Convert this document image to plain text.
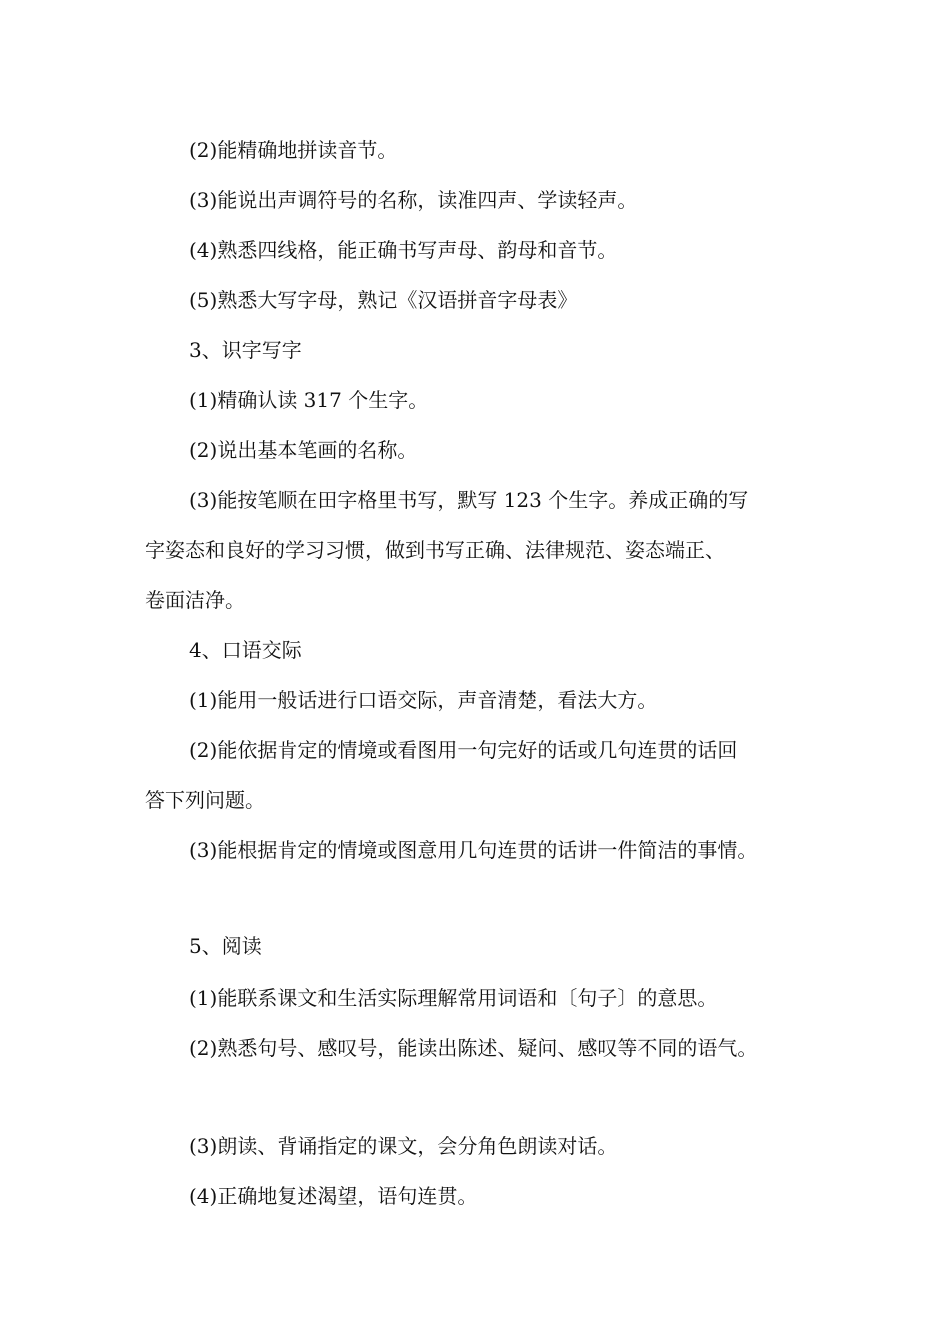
(2)能精确地拼读音节。
(3)能说出声调符号的名称，读准四声、学读轻声。
(4)熟悉四线格，能正确书写声母、韵母和音节。
(5)熟悉大写字母，熟记《汉语拼音字母表》
3、识字写字
(1)精确认读 317 个生字。
(2)说出基本笔画的名称。
(3)能按笔顺在田字格里书写，默写 123 个生字。养成正确的写
字姿态和良好的学习习惯，做到书写正确、法律规范、姿态端正、
卷面洁净。
4、口语交际
(1)能用一般话进行口语交际，声音清楚，看法大方。
(2)能依据肯定的情境或看图用一句完好的话或几句连贯的话回
答下列问题。
(3)能根据肯定的情境或图意用几句连贯的话讲一件简洁的事情。
5、阅读
(1)能联系课文和生活实际理解常用词语和〔句子〕的意思。
(2)熟悉句号、感叹号，能读出陈述、疑问、感叹等不同的语气。
(3)朗读、背诵指定的课文，会分角色朗读对话。
(4)正确地复述渴望，语句连贯。
